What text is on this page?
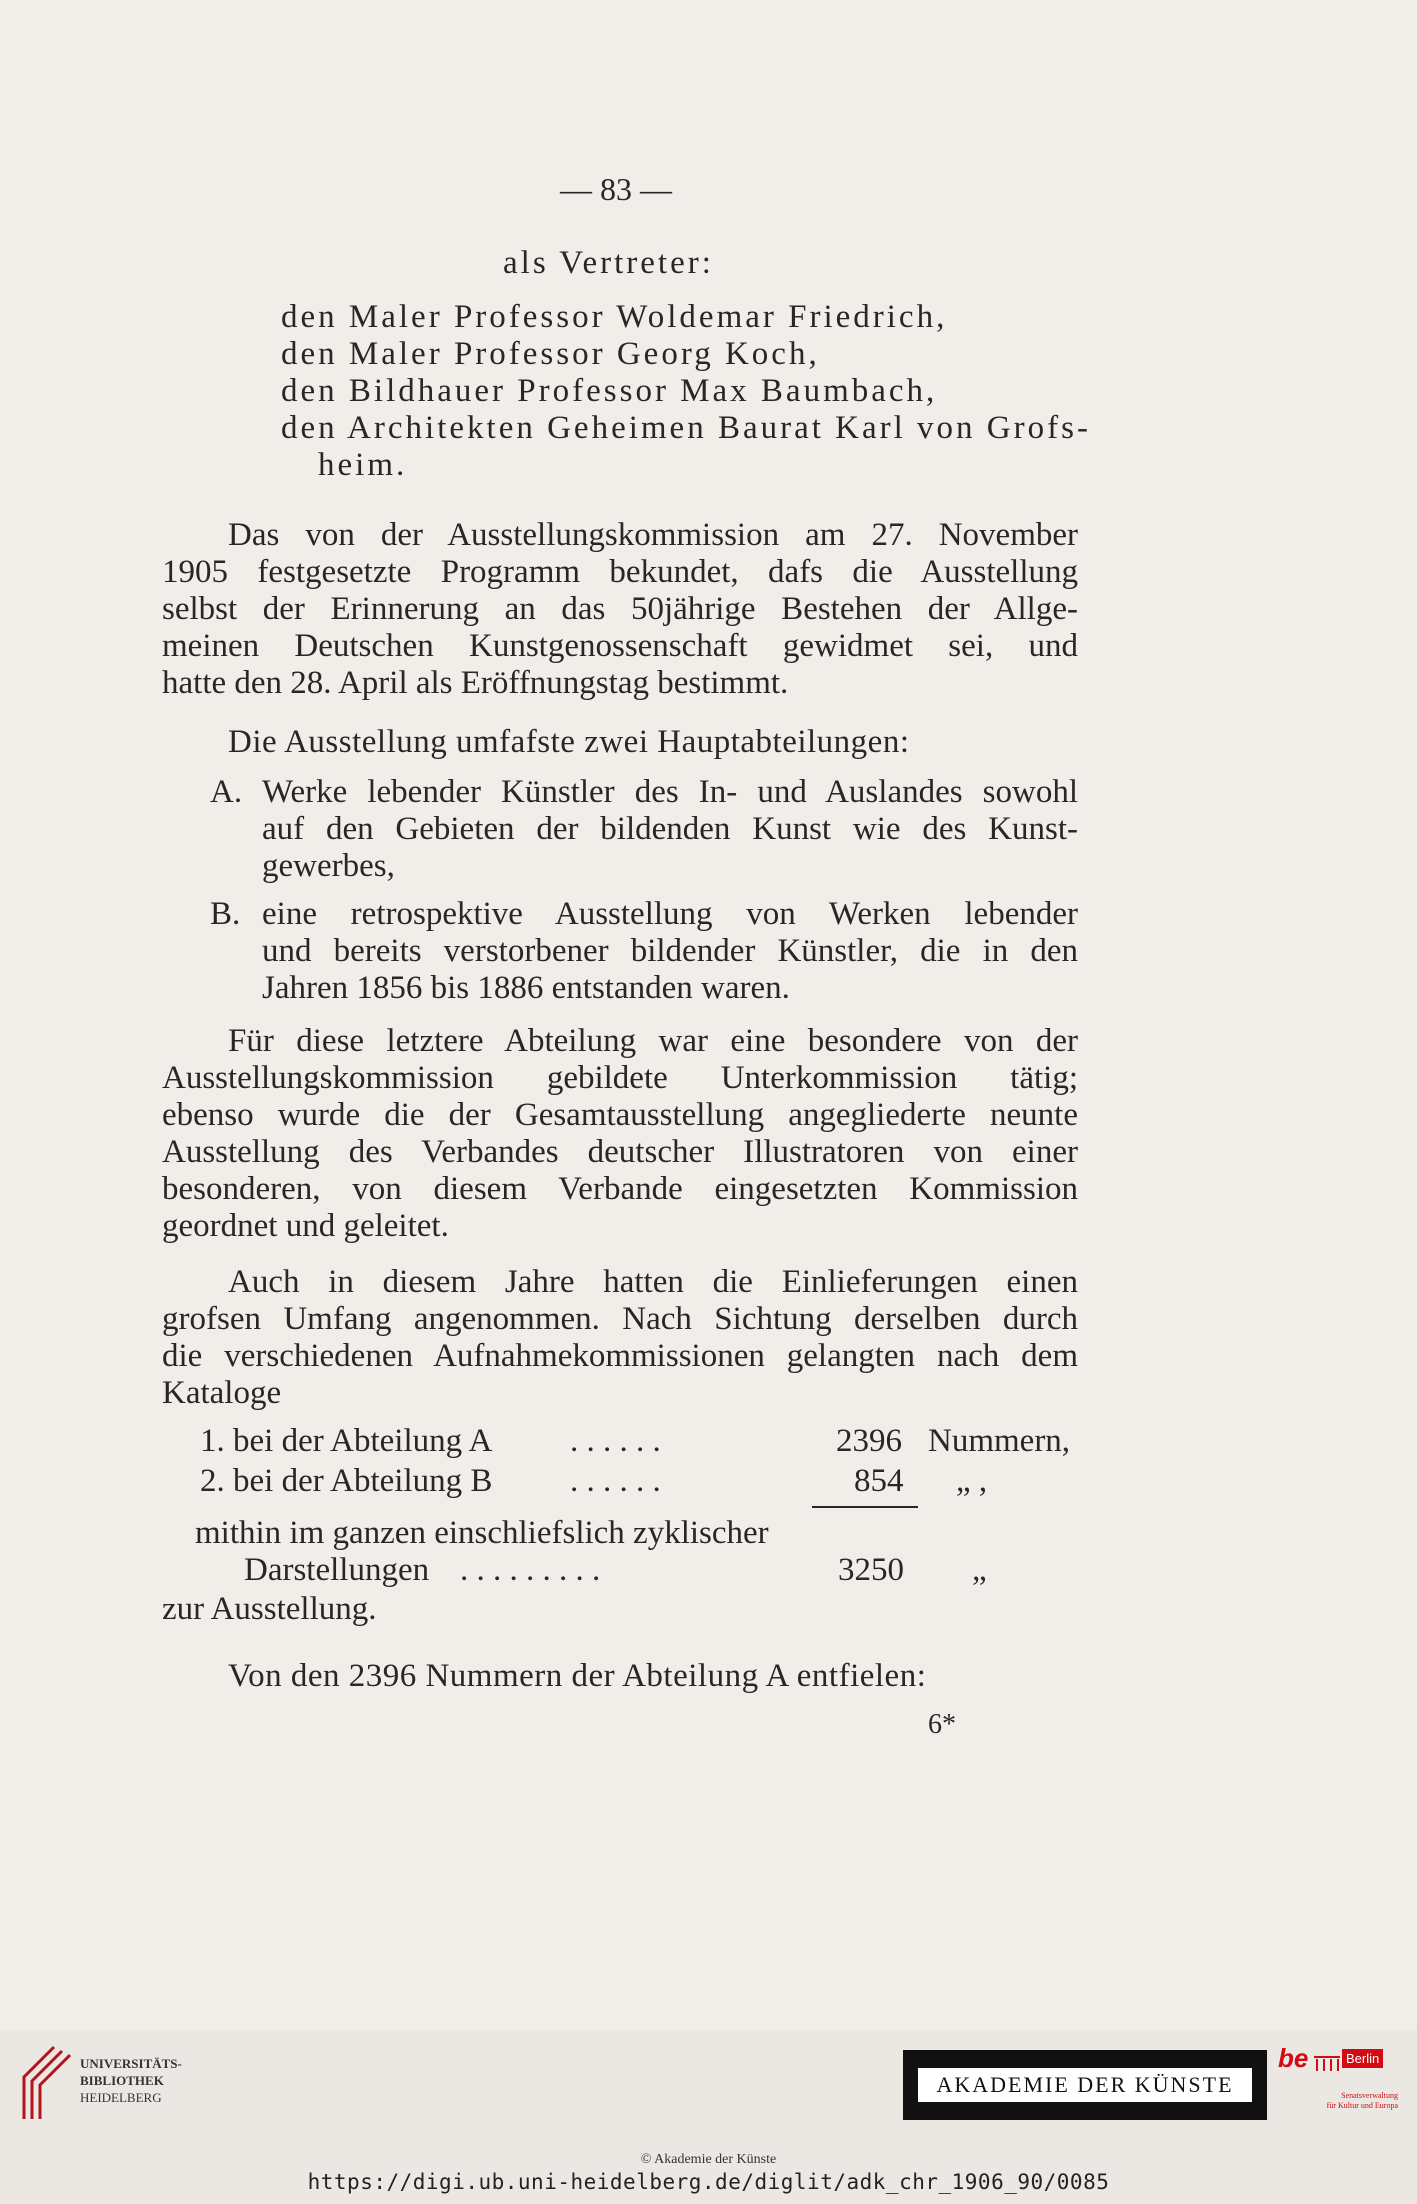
— 83 —
als Vertreter:
den Maler Professor Woldemar Friedrich,
den Maler Professor Georg Koch,
den Bildhauer Professor Max Baumbach,
den Architekten Geheimen Baurat Karl von Grofs-
heim.
Das von der Ausstellungskommission am 27. November
1905 festgesetzte Programm bekundet, dafs die Ausstellung
selbst der Erinnerung an das 50jährige Bestehen der Allge-
meinen Deutschen Kunstgenossenschaft gewidmet sei, und
hatte den 28. April als Eröffnungstag bestimmt.
Die Ausstellung umfafste zwei Hauptabteilungen:
A. Werke lebender Künstler des In- und Auslandes sowohl
auf den Gebieten der bildenden Kunst wie des Kunst-
gewerbes,
B. eine retrospektive Ausstellung von Werken lebender
und bereits verstorbener bildender Künstler, die in den
Jahren 1856 bis 1886 entstanden waren.
Für diese letztere Abteilung war eine besondere von der
Ausstellungskommission gebildete Unterkommission tätig;
ebenso wurde die der Gesamtausstellung angegliederte neunte
Ausstellung des Verbandes deutscher Illustratoren von einer
besonderen, von diesem Verbande eingesetzten Kommission
geordnet und geleitet.
Auch in diesem Jahre hatten die Einlieferungen einen
grofsen Umfang angenommen. Nach Sichtung derselben durch
die verschiedenen Aufnahmekommissionen gelangten nach dem
Kataloge
1. bei der Abteilung A . . . . . .	2396 Nummern,
2. bei der Abteilung B . . . . . .	854 „ ,
mithin im ganzen einschliefslich zyklischer
Darstellungen . . . . . . . . .	3250 „
zur Ausstellung.
Von den 2396 Nummern der Abteilung A entfielen:
6*
UNIVERSITÄTS-
BIBLIOTHEK
HEIDELBERG
AKADEMIE DER KÜNSTE
be	Berlin
Senatsverwaltung
für Kultur und Europa
© Akademie der Künste
https://digi.ub.uni-heidelberg.de/diglit/adk_chr_1906_90/0085
